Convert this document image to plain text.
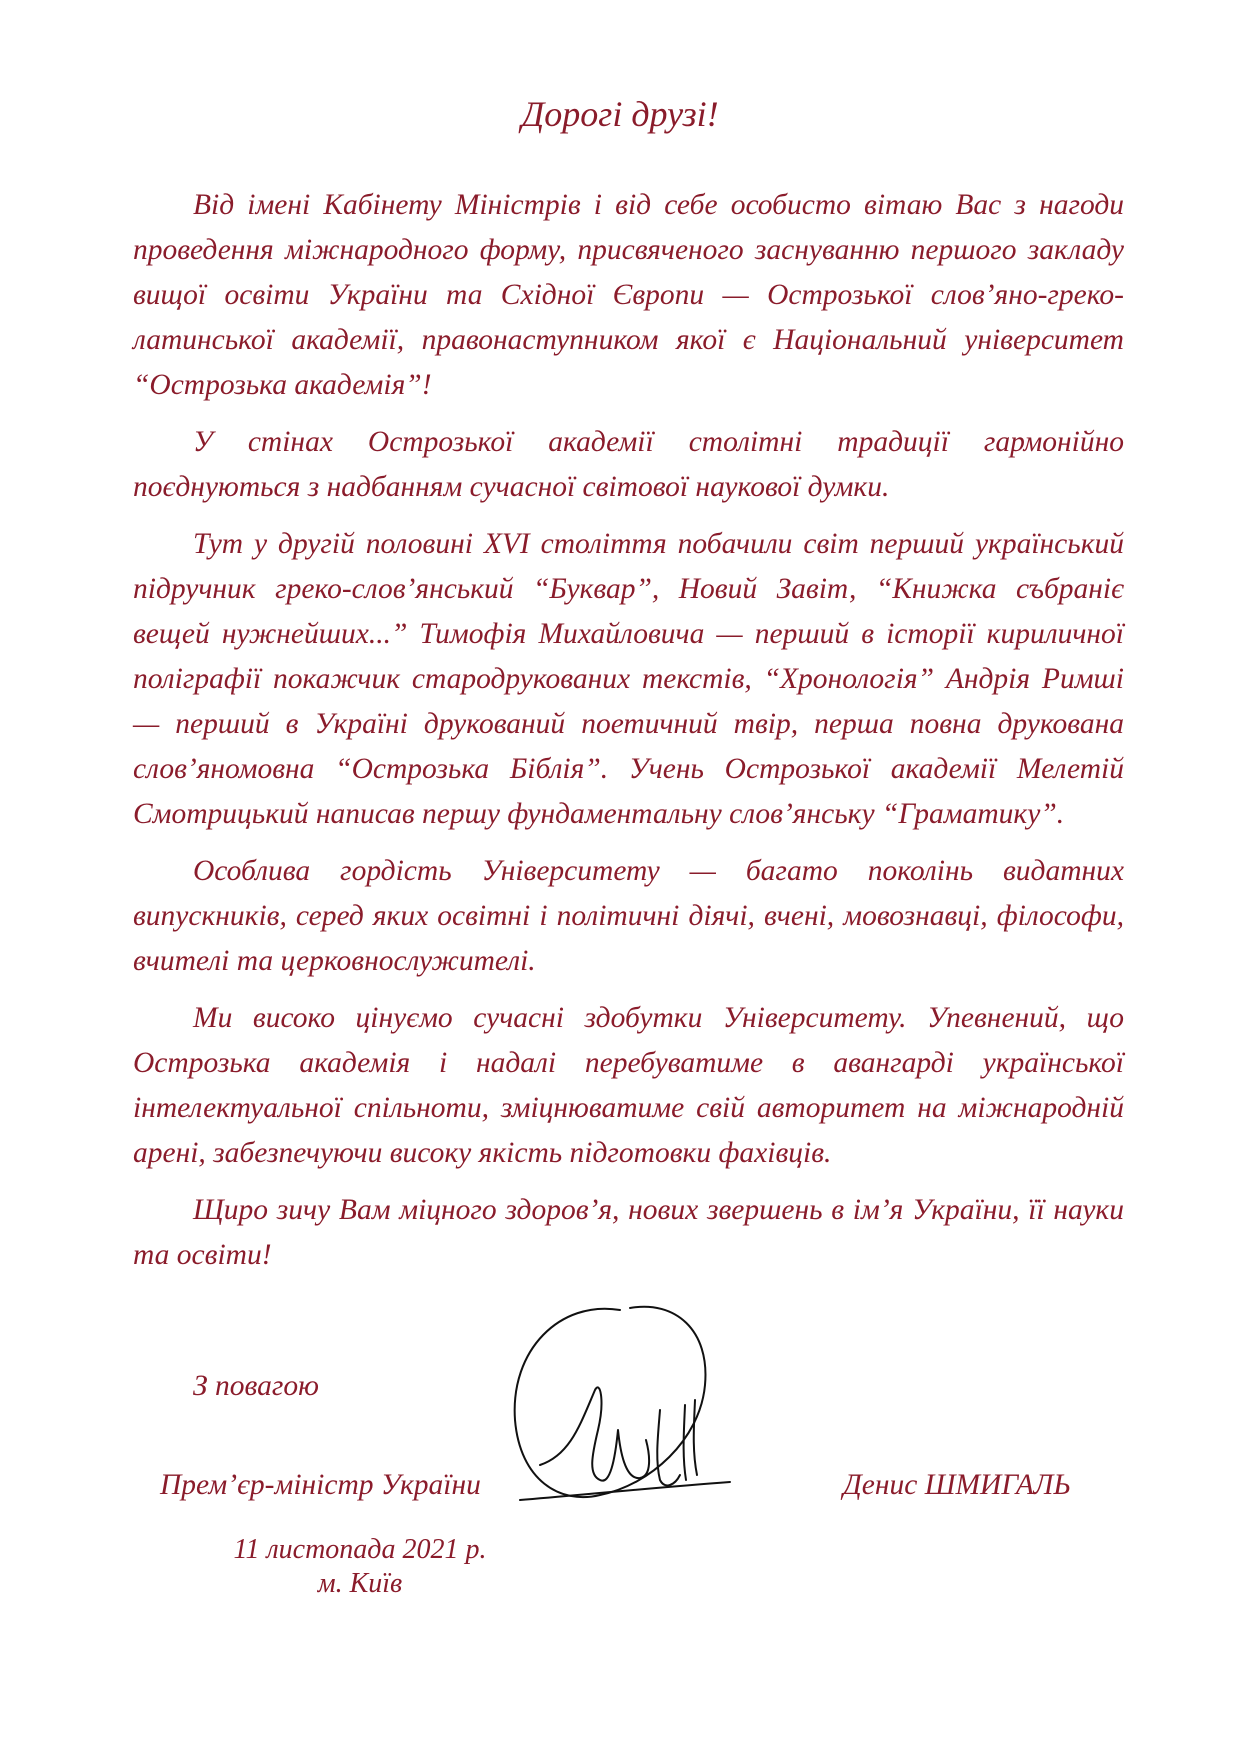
Дорогі друзі!

Від імені Кабінету Міністрів і від себе особисто вітаю Вас з нагоди проведення міжнародного форму, присвяченого заснуванню першого закладу вищої освіти України та Східної Європи — Острозької слов’яно-греко-латинської академії, правонаступником якої є Національний університет “Острозька академія”!

У стінах Острозької академії столітні традиції гармонійно поєднуються з надбанням сучасної світової наукової думки.

Тут у другій половині XVI століття побачили світ перший український підручник греко-слов’янський “Буквар”, Новий Завіт, “Книжка събраніє вещей нужнейших...” Тимофія Михайловича — перший в історії кириличної поліграфії покажчик стародрукованих текстів, “Хронологія” Андрія Римші — перший в Україні друкований поетичний твір, перша повна друкована слов’яномовна “Острозька Біблія”. Учень Острозької академії Мелетій Смотрицький написав першу фундаментальну слов’янську “Граматику”.

Особлива гордість Університету — багато поколінь видатних випускників, серед яких освітні і політичні діячі, вчені, мовознавці, філософи, вчителі та церковнослужителі.

Ми високо цінуємо сучасні здобутки Університету. Упевнений, що Острозька академія і надалі перебуватиме в авангарді української інтелектуальної спільноти, зміцнюватиме свій авторитет на міжнародній арені, забезпечуючи високу якість підготовки фахівців.

Щиро зичу Вам міцного здоров’я, нових звершень в ім’я України, її науки та освіти!

З повагою
Прем’єр-міністр України	Денис ШМИГАЛЬ
11 листопада 2021 р.
м. Київ
